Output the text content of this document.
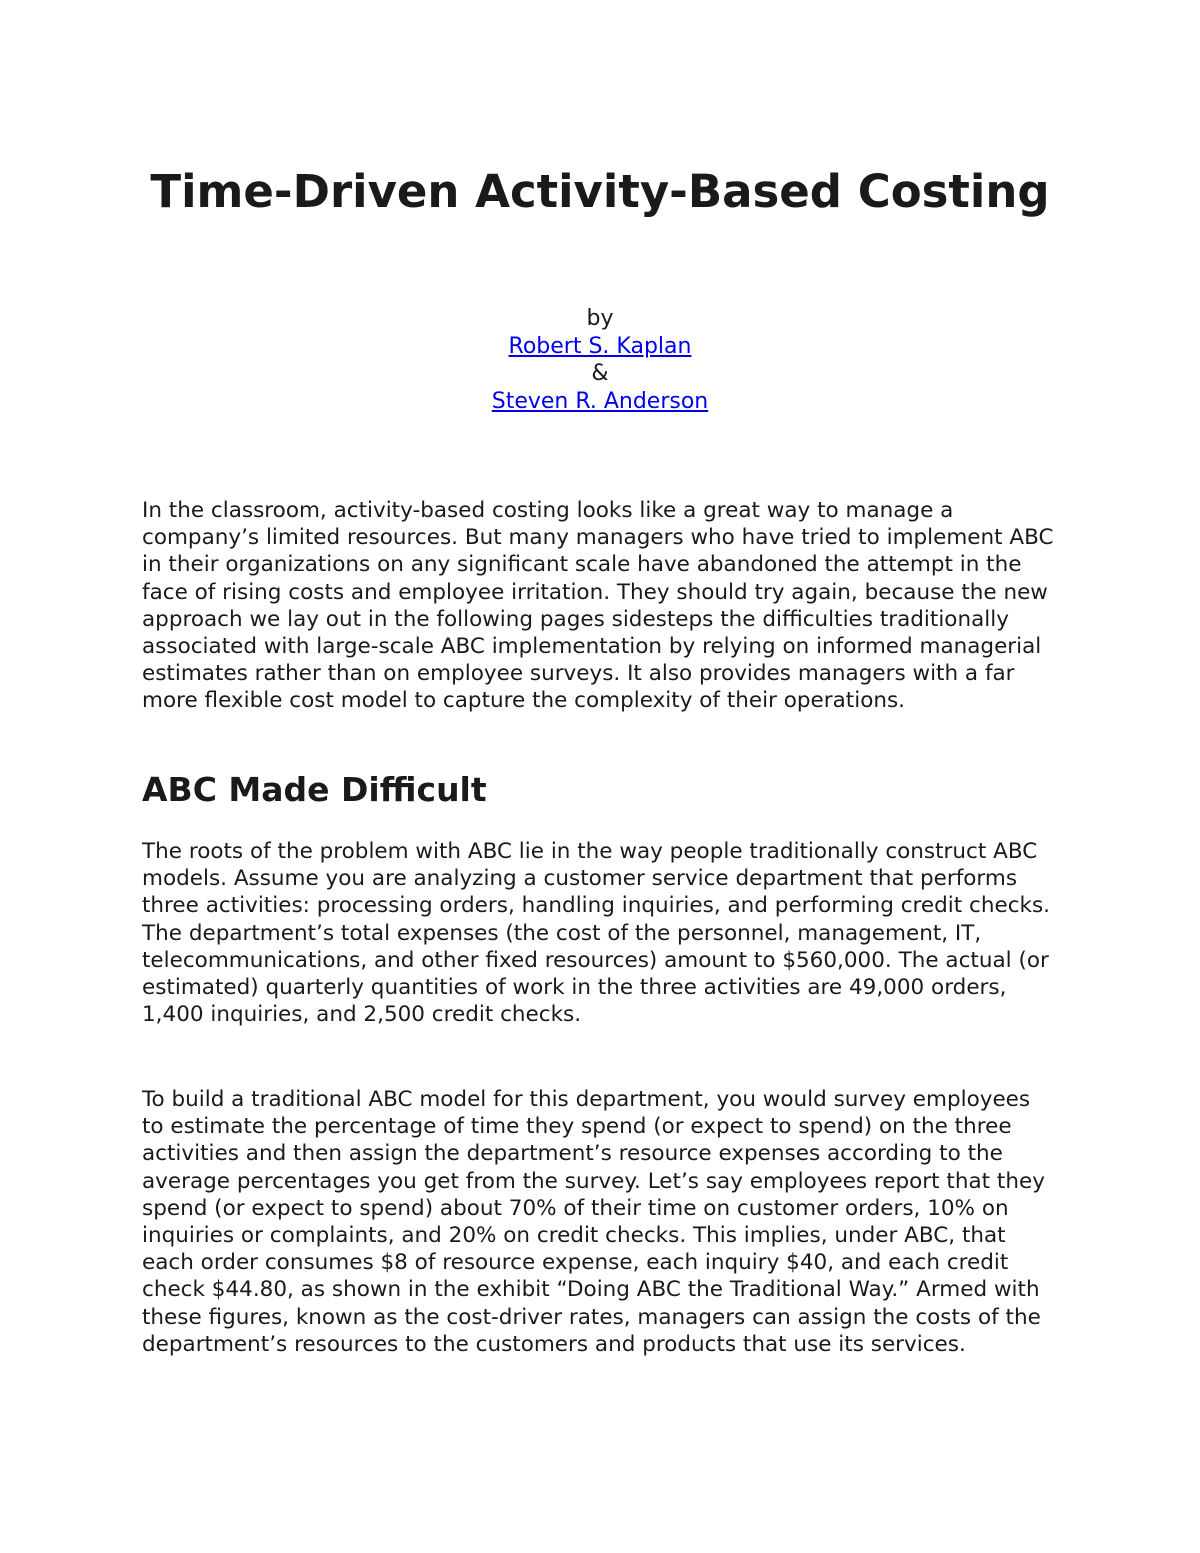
Time-Driven Activity-Based Costing
by
Robert S. Kaplan
&
Steven R. Anderson

In the classroom, activity-based costing looks like a great way to manage a company’s limited resources. But many managers who have tried to implement ABC in their organizations on any significant scale have abandoned the attempt in the face of rising costs and employee irritation. They should try again, because the new approach we lay out in the following pages sidesteps the difficulties traditionally associated with large-scale ABC implementation by relying on informed managerial estimates rather than on employee surveys. It also provides managers with a far more flexible cost model to capture the complexity of their operations.

ABC Made Difficult

The roots of the problem with ABC lie in the way people traditionally construct ABC models. Assume you are analyzing a customer service department that performs three activities: processing orders, handling inquiries, and performing credit checks. The department’s total expenses (the cost of the personnel, management, IT, telecommunications, and other fixed resources) amount to $560,000. The actual (or estimated) quarterly quantities of work in the three activities are 49,000 orders, 1,400 inquiries, and 2,500 credit checks.

To build a traditional ABC model for this department, you would survey employees to estimate the percentage of time they spend (or expect to spend) on the three activities and then assign the department’s resource expenses according to the average percentages you get from the survey. Let’s say employees report that they spend (or expect to spend) about 70% of their time on customer orders, 10% on inquiries or complaints, and 20% on credit checks. This implies, under ABC, that each order consumes $8 of resource expense, each inquiry $40, and each credit check $44.80, as shown in the exhibit “Doing ABC the Traditional Way.” Armed with these figures, known as the cost-driver rates, managers can assign the costs of the department’s resources to the customers and products that use its services.
